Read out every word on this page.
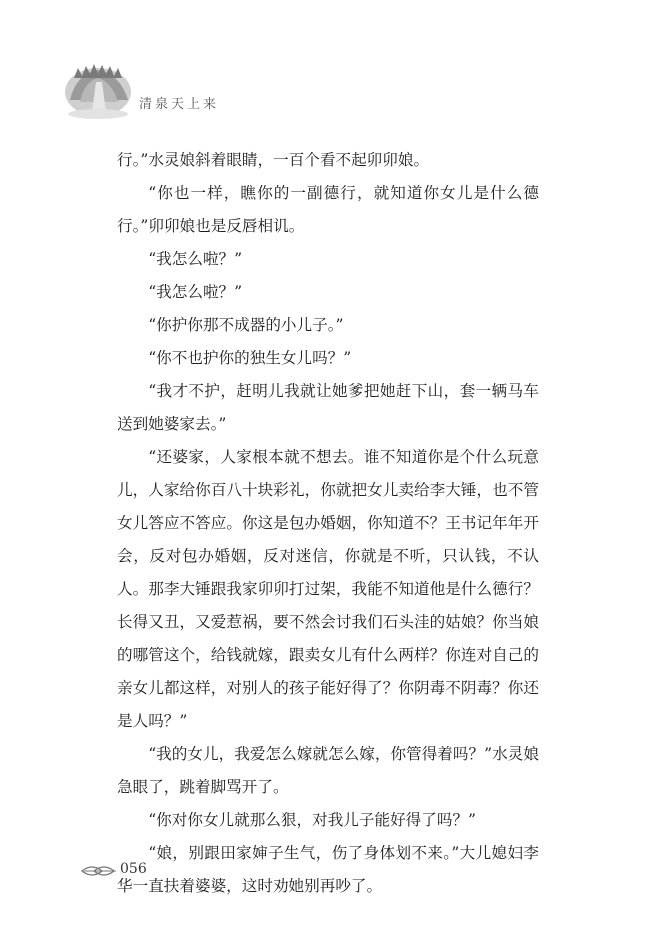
清泉天上来

行。”水灵娘斜着眼睛，一百个看不起卯卯娘。

“你也一样，瞧你的一副德行，就知道你女儿是什么德行。”卯卯娘也是反唇相讥。

“我怎么啦？”

“我怎么啦？”

“你护你那不成器的小儿子。”

“你不也护你的独生女儿吗？”

“我才不护，赶明儿我就让她爹把她赶下山，套一辆马车送到她婆家去。”

“还婆家，人家根本就不想去。谁不知道你是个什么玩意儿，人家给你百八十块彩礼，你就把女儿卖给李大锤，也不管女儿答应不答应。你这是包办婚姻，你知道不？王书记年年开会，反对包办婚姻，反对迷信，你就是不听，只认钱，不认人。那李大锤跟我家卯卯打过架，我能不知道他是什么德行？长得又丑，又爱惹祸，要不然会讨我们石头洼的姑娘？你当娘的哪管这个，给钱就嫁，跟卖女儿有什么两样？你连对自己的亲女儿都这样，对别人的孩子能好得了？你阴毒不阴毒？你还是人吗？”

“我的女儿，我爱怎么嫁就怎么嫁，你管得着吗？”水灵娘急眼了，跳着脚骂开了。

“你对你女儿就那么狠，对我儿子能好得了吗？”

“娘，别跟田家婶子生气，伤了身体划不来。”大儿媳妇李华一直扶着婆婆，这时劝她别再吵了。

056
